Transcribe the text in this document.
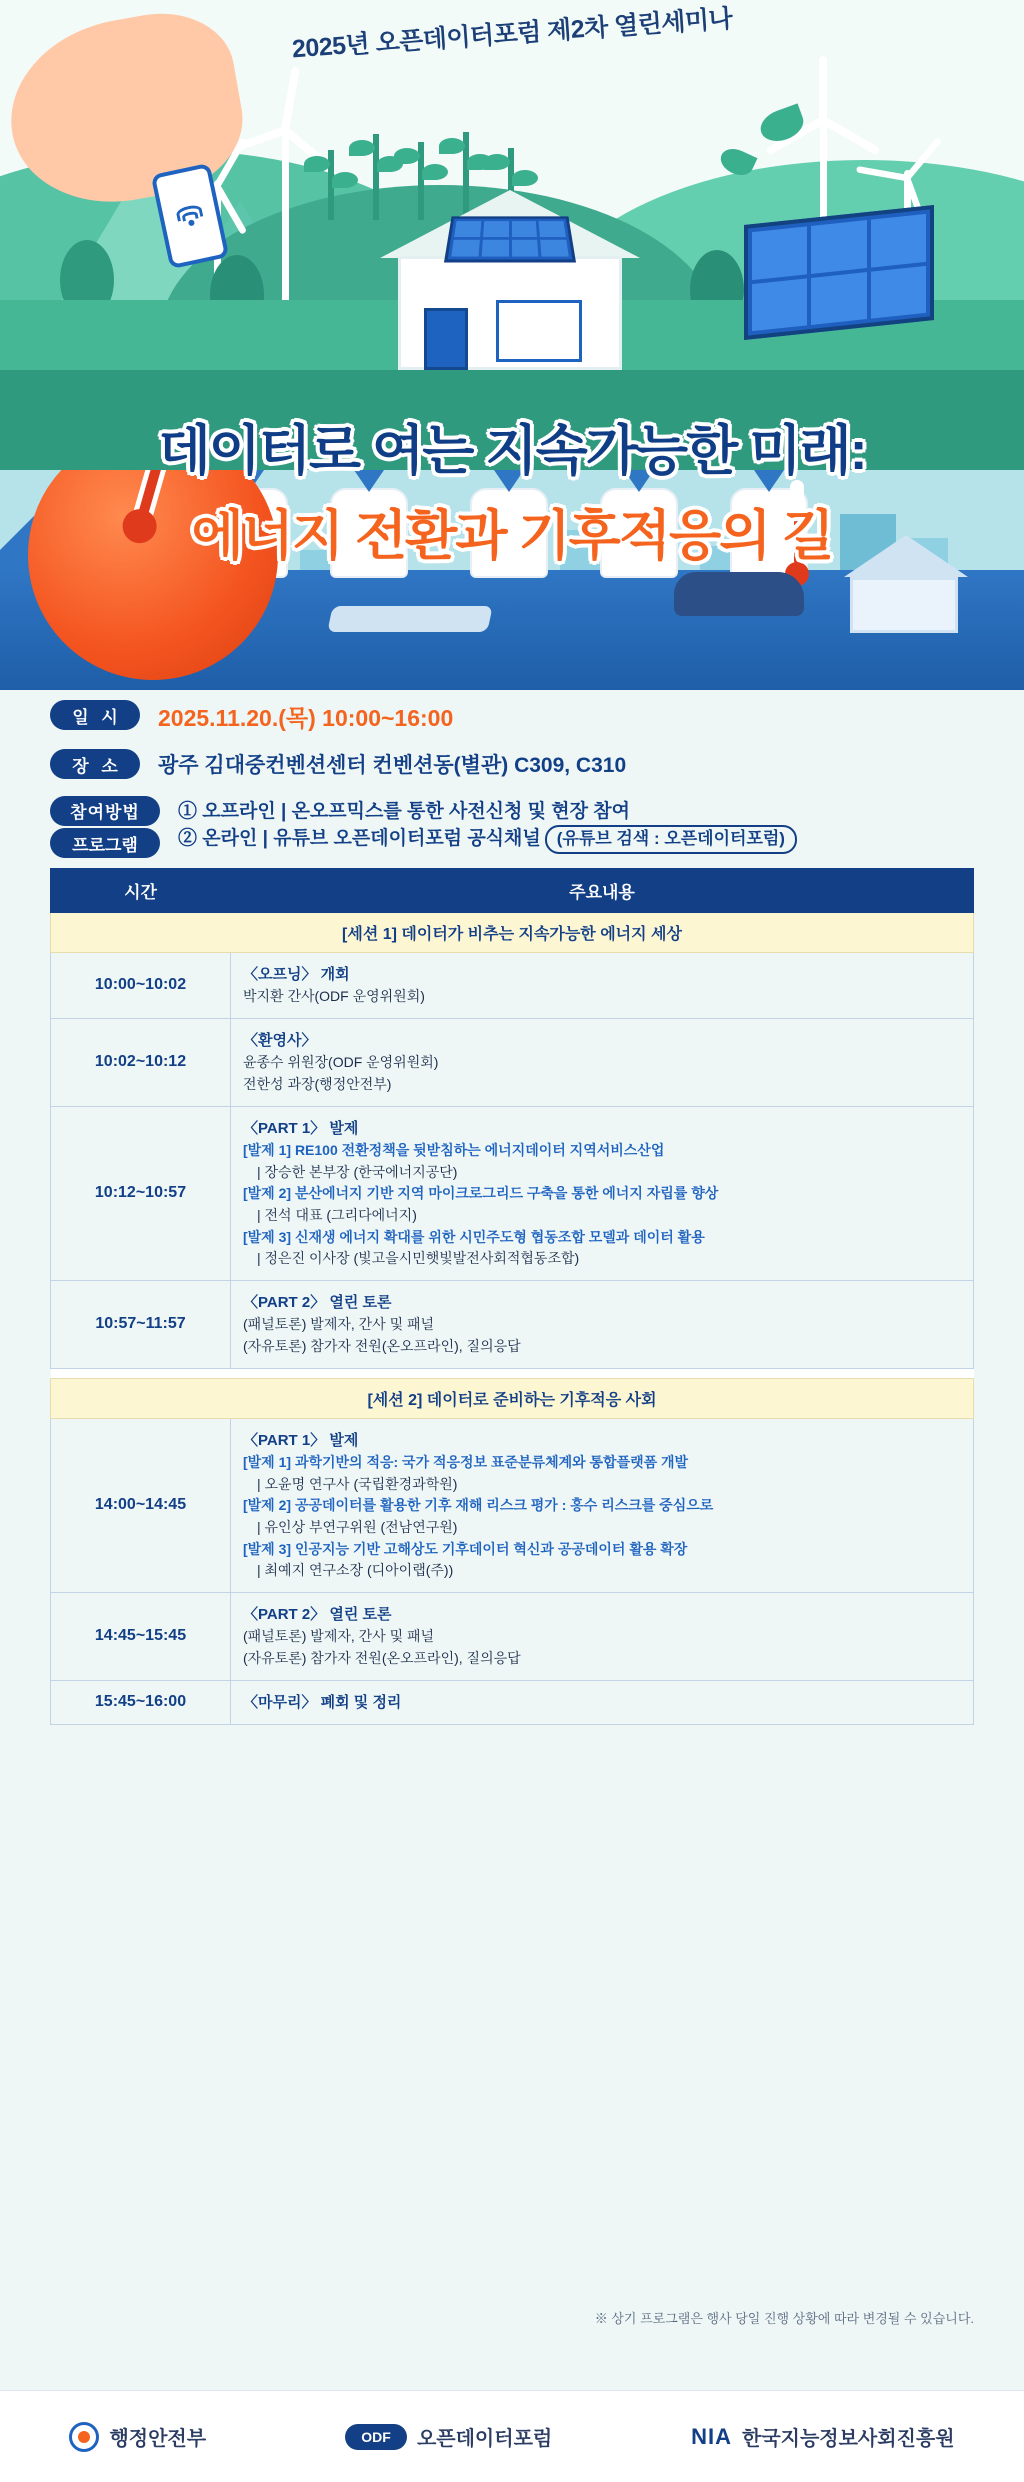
2025년 오픈데이터포럼 제2차 열린세미나
데이터로 여는 지속가능한 미래:
에너지 전환과 기후적응의 길
일 시	2025.11.20.(목) 10:00~16:00
장 소	광주 김대중컨벤션센터 컨벤션동(별관) C309, C310
참여방법	① 오프라인 | 온오프믹스를 통한 사전신청 및 현장 참여
② 온라인 | 유튜브 오픈데이터포럼 공식채널 (유튜브 검색 : 오픈데이터포럼)
프로그램
시간	주요내용
[세션 1] 데이터가 비추는 지속가능한 에너지 세상	
10:00~10:02	〈오프닝〉 개회
박지환 간사(ODF 운영위원회)

10:02~10:12	〈환영사〉
윤종수 위원장(ODF 운영위원회)
전한성 과장(행정안전부)

10:12~10:57	
〈PART 1〉 발제
[발제 1] RE100 전환정책을 뒷받침하는 에너지데이터 지역서비스산업
| 장승한 본부장 (한국에너지공단)
[발제 2] 분산에너지 기반 지역 마이크로그리드 구축을 통한 에너지 자립률 향상
| 전석 대표 (그리다에너지)
[발제 3] 신재생 에너지 확대를 위한 시민주도형 협동조합 모델과 데이터 활용
| 정은진 이사장 (빛고을시민햇빛발전사회적협동조합)

10:57~11:57	〈PART 2〉 열린 토론
(패널토론) 발제자, 간사 및 패널
(자유토론) 참가자 전원(온오프라인), 질의응답

[세션 2] 데이터로 준비하는 기후적응 사회	
14:00~14:45	
〈PART 1〉 발제
[발제 1] 과학기반의 적응: 국가 적응정보 표준분류체계와 통합플랫폼 개발
| 오윤명 연구사 (국립환경과학원)
[발제 2] 공공데이터를 활용한 기후 재해 리스크 평가 : 홍수 리스크를 중심으로
| 유인상 부연구위원 (전남연구원)
[발제 3] 인공지능 기반 고해상도 기후데이터 혁신과 공공데이터 활용 확장
| 최예지 연구소장 (디아이랩(주))

14:45~15:45	〈PART 2〉 열린 토론
(패널토론) 발제자, 간사 및 패널
(자유토론) 참가자 전원(온오프라인), 질의응답

15:45~16:00	〈마무리〉 폐회 및 정리
※ 상기 프로그램은 행사 당일 진행 상황에 따라 변경될 수 있습니다.
행정안전부	ODF	오픈데이터포럼	NIA 한국지능정보사회진흥원
